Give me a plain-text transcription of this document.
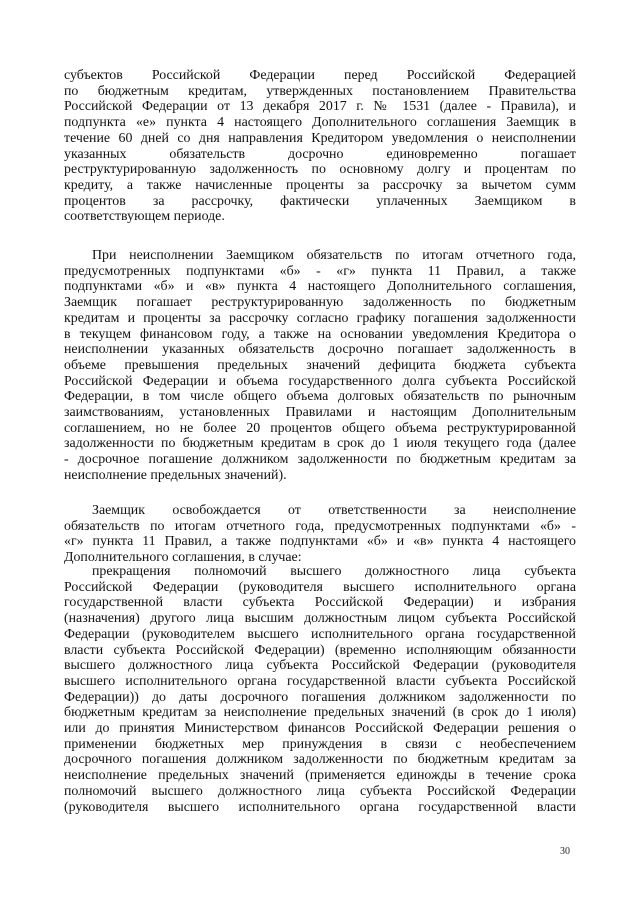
субъектов Российской Федерации перед Российской Федерацией
по бюджетным кредитам, утвержденных постановлением Правительства
Российской Федерации от 13 декабря 2017 г. № 1531 (далее - Правила), и
подпункта «е» пункта 4 настоящего Дополнительного соглашения Заемщик в
течение 60 дней со дня направления Кредитором уведомления о неисполнении
указанных обязательств досрочно единовременно погашает
реструктурированную задолженность по основному долгу и процентам по
кредиту, а также начисленные проценты за рассрочку за вычетом сумм
процентов за рассрочку, фактически уплаченных Заемщиком в
соответствующем периоде.
При неисполнении Заемщиком обязательств по итогам отчетного года,
предусмотренных подпунктами «б» - «г» пункта 11 Правил, а также
подпунктами «б» и «в» пункта 4 настоящего Дополнительного соглашения,
Заемщик погашает реструктурированную задолженность по бюджетным
кредитам и проценты за рассрочку согласно графику погашения задолженности
в текущем финансовом году, а также на основании уведомления Кредитора о
неисполнении указанных обязательств досрочно погашает задолженность в
объеме превышения предельных значений дефицита бюджета субъекта
Российской Федерации и объема государственного долга субъекта Российской
Федерации, в том числе общего объема долговых обязательств по рыночным
заимствованиям, установленных Правилами и настоящим Дополнительным
соглашением, но не более 20 процентов общего объема реструктурированной
задолженности по бюджетным кредитам в срок до 1 июля текущего года (далее
- досрочное погашение должником задолженности по бюджетным кредитам за
неисполнение предельных значений).
Заемщик освобождается от ответственности за неисполнение
обязательств по итогам отчетного года, предусмотренных подпунктами «б» -
«г» пункта 11 Правил, а также подпунктами «б» и «в» пункта 4 настоящего
Дополнительного соглашения, в случае:
прекращения полномочий высшего должностного лица субъекта
Российской Федерации (руководителя высшего исполнительного органа
государственной власти субъекта Российской Федерации) и избрания
(назначения) другого лица высшим должностным лицом субъекта Российской
Федерации (руководителем высшего исполнительного органа государственной
власти субъекта Российской Федерации) (временно исполняющим обязанности
высшего должностного лица субъекта Российской Федерации (руководителя
высшего исполнительного органа государственной власти субъекта Российской
Федерации)) до даты досрочного погашения должником задолженности по
бюджетным кредитам за неисполнение предельных значений (в срок до 1 июля)
или до принятия Министерством финансов Российской Федерации решения о
применении бюджетных мер принуждения в связи с необеспечением
досрочного погашения должником задолженности по бюджетным кредитам за
неисполнение предельных значений (применяется единожды в течение срока
полномочий высшего должностного лица субъекта Российской Федерации
(руководителя высшего исполнительного органа государственной власти
30
